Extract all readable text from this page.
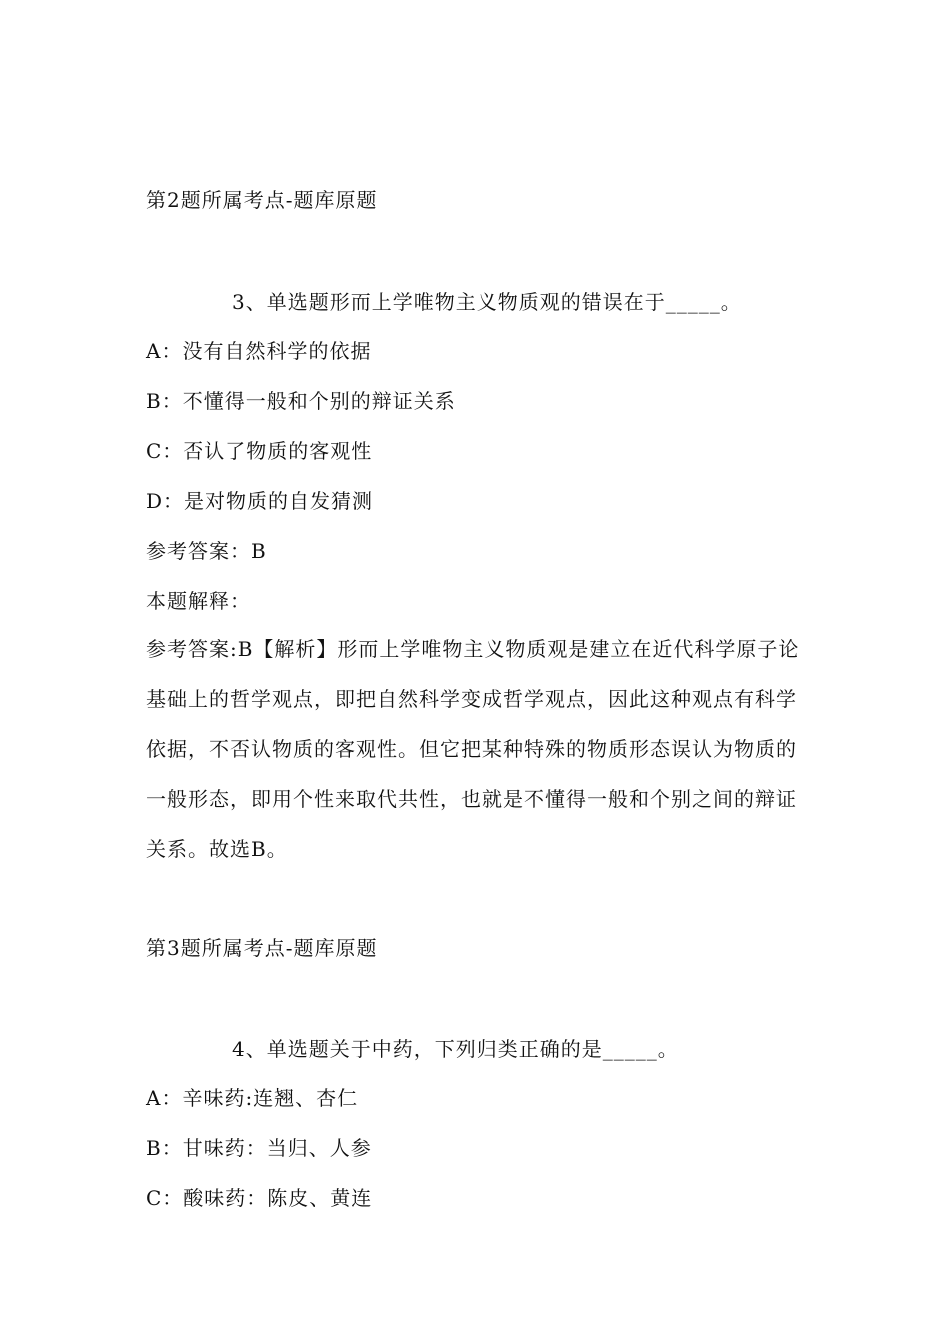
第2题所属考点-题库原题
3、单选题形而上学唯物主义物质观的错误在于_____。
A：没有自然科学的依据
B：不懂得一般和个别的辩证关系
C：否认了物质的客观性
D：是对物质的自发猜测
参考答案：B
本题解释：
参考答案:B【解析】形而上学唯物主义物质观是建立在近代科学原子论基础上的哲学观点，即把自然科学变成哲学观点，因此这种观点有科学依据，不否认物质的客观性。但它把某种特殊的物质形态误认为物质的一般形态，即用个性来取代共性，也就是不懂得一般和个别之间的辩证关系。故选B。
第3题所属考点-题库原题
4、单选题关于中药，下列归类正确的是_____。
A：辛味药:连翘、杏仁
B：甘味药：当归、人参
C：酸味药：陈皮、黄连
